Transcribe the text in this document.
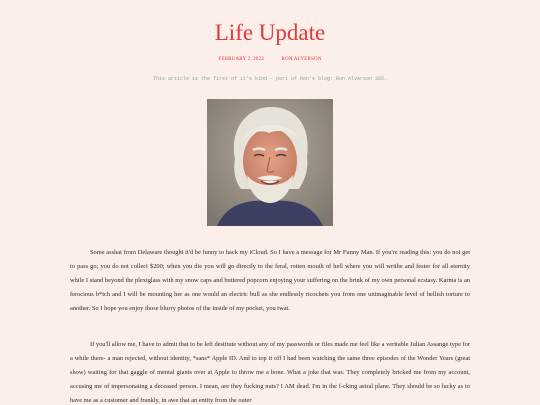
Life Update
FEBRUARY 2, 2022	RON ALVERSON
This article is the first of it's kind - part of Ron's blog: Ron Alverson 365.

Some asshat from Delaware thought it'd be funny to hack my iCloud. So I have a message for Mr Funny Man. If you're reading this: you do not get to pass go; you do not collect $200; when you die you will go directly to the feral, rotten mouth of hell where you will writhe and fester for all eternity while I stand beyond the plexiglass with my snow caps and buttered popcorn enjoying your suffering on the brink of my own personal ecstasy. Karma is an ferocious b*tch and I will be mounting her as one would an electric bull as she endlessly ricochets you from one unimaginable level of hellish torture to another. So I hope you enjoy those blurry photos of the inside of my pocket, you twat.

If you'll allow me, I have to admit that to be left destitute without any of my passwords or files made me feel like a veritable Julian Assange type for a while there- a man rejected, without identity, *sans* Apple ID. And to top it off I had been watching the same three episodes of the Wonder Years (great show) waiting for that gaggle of mental giants over at Apple to throw me a bone. What a joke that was. They completely bricked me from my account, accusing me of impersonating a deceased person. I mean, are they fucking nuts? I AM dead. I'm in the f-cking astral plane. They should be so lucky as to have me as a customer and frankly, in awe that an entity from the outer
